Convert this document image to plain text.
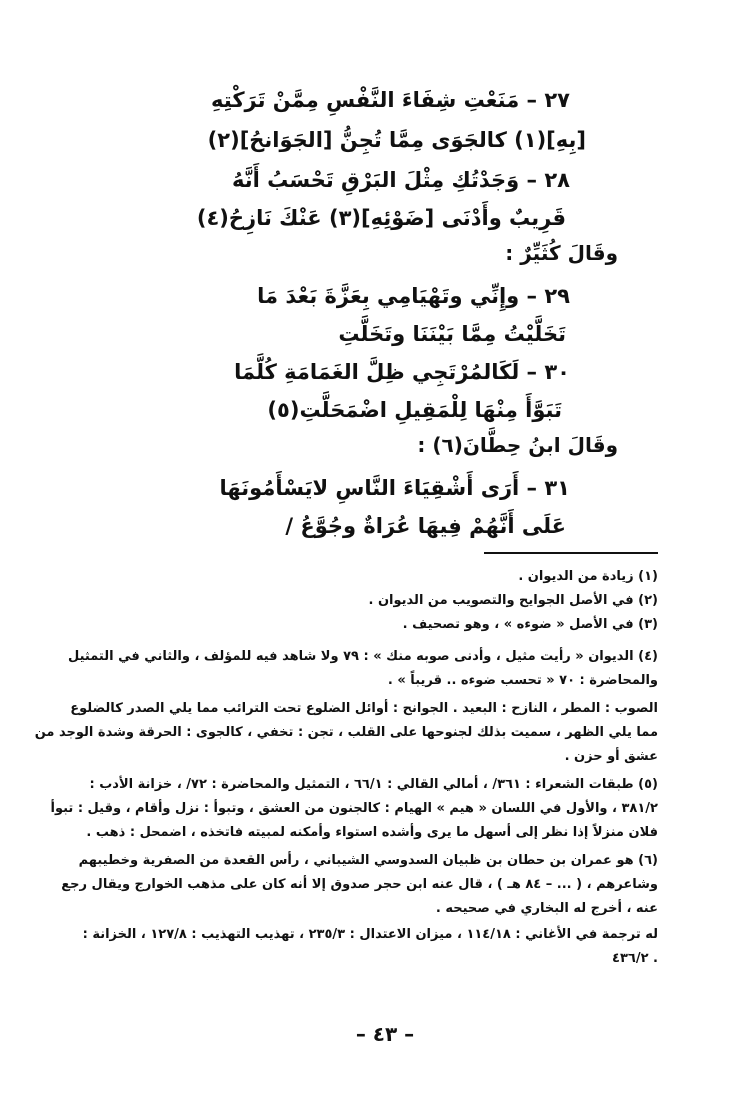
٢٧ – مَنَعْتِ شِفَاءَ النَّفْسِ مِمَّنْ تَرَكْتِهِ
[بِهِ](١) كالجَوَى مِمَّا تُجِنُّ [الجَوَانحُ](٢)
٢٨ – وَجَدْتُكِ مِثْلَ البَرْقِ تَحْسَبُ أَنَّهُ
قَرِيبٌ وأَدْنَى [ضَوْئِهِ](٣) عَنْكَ نَازِحُ(٤)
وقَالَ كُثَيِّرٌ :
٢٩ – وإِنِّي وتَهْيَامِي بِعَزَّةَ بَعْدَ مَا
تَخَلَّيْتُ مِمَّا بَيْنَنَا وتَخَلَّتِ
٣٠ – لَكَالمُرْتَجِي ظِلَّ الغَمَامَةِ كُلَّمَا
تَبَوَّأَ مِنْهَا لِلْمَقِيلِ اضْمَحَلَّتِ(٥)
وقَالَ ابنُ حِطَّانَ(٦) :
٣١ – أَرَى أَشْقِيَاءَ النَّاسِ لايَسْأَمُونَهَا
عَلَى أَنَّهُمْ فِيهَا عُرَاةٌ وجُوَّعُ /
(١) زيادة من الديوان .
(٢) في الأصل الجوايح والتصويب من الديوان .
(٣) في الأصل « ضوءه » ، وهو تصحيف .
(٤) الديوان « رأيت مثيل ، وأدنى صوبه منك » : ٧٩ ولا شاهد فيه للمؤلف ، والثاني في التمثيل
والمحاضرة : ٧٠ « تحسب ضوءه .. قريباً » .
الصوب : المطر ، النازح : البعيد . الجوانح : أوائل الضلوع تحت الترائب مما يلي الصدر كالضلوع
مما يلي الظهر ، سميت بذلك لجنوحها على القلب ، تجن : تخفي ، كالجوى : الحرقة وشدة الوجد من
عشق أو حزن .
(٥) طبقات الشعراء : ٣٦١/ ، أمالي القالي : ٦٦/١ ، التمثيل والمحاضرة : ٧٢/ ، خزانة الأدب :
٣٨١/٢ ، والأول في اللسان « هيم » الهيام : كالجنون من العشق ، وتبوأ : نزل وأقام ، وقيل : تبوأ
فلان منزلاً إذا نظر إلى أسهل ما يرى وأشده استواء وأمكنه لمبيته فاتخذه ، اضمحل : ذهب .
(٦) هو عمران بن حطان بن ظبيان السدوسي الشيباني ، رأس القعدة من الصفرية وخطيبهم
وشاعرهم ، ( ... – ٨٤ هـ ) ، قال عنه ابن حجر صدوق إلا أنه كان على مذهب الخوارج ويقال رجع
عنه ، أخرج له البخاري في صحيحه .
له ترجمة في الأغاني : ١١٤/١٨ ، ميزان الاعتدال : ٢٣٥/٣ ، تهذيب التهذيب : ١٢٧/٨ ، الخزانة :
٤٣٦/٢ .
– ٤٣ –
